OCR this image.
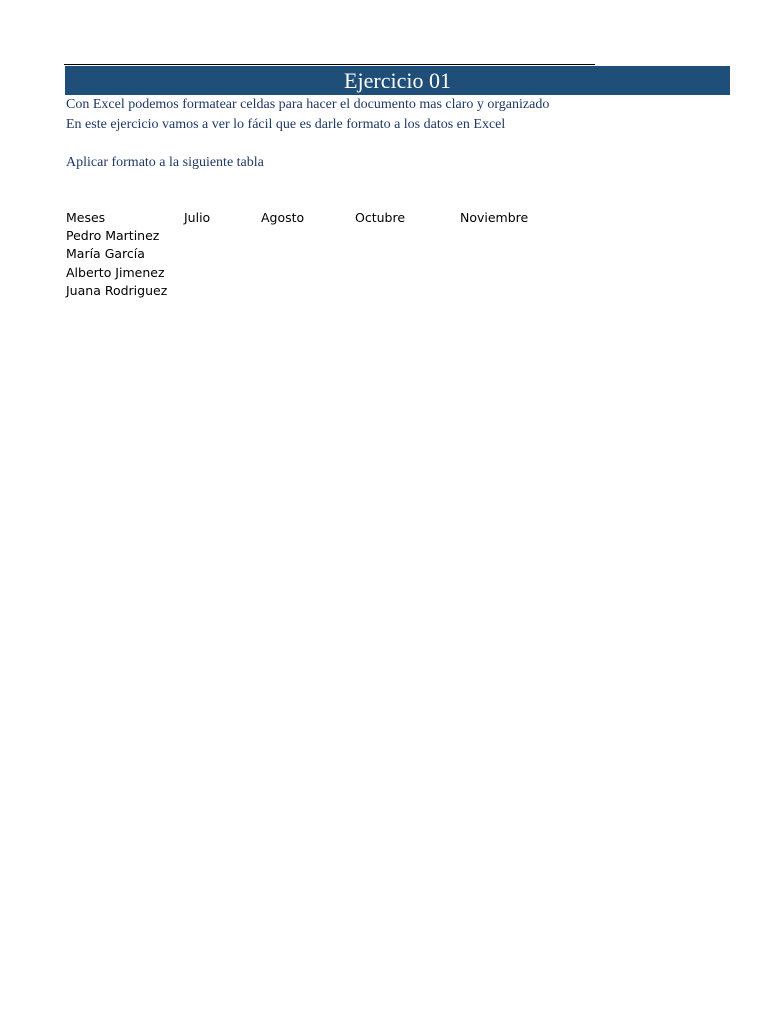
Ejercicio 01
Con Excel podemos formatear celdas para hacer el documento mas claro y organizado
En este ejercicio vamos a ver lo fácil que es darle formato a los datos en Excel
Aplicar formato a la siguiente tabla
Meses	Julio	Agosto	Octubre	Noviembre
Pedro Martinez
María García
Alberto Jimenez
Juana Rodriguez
